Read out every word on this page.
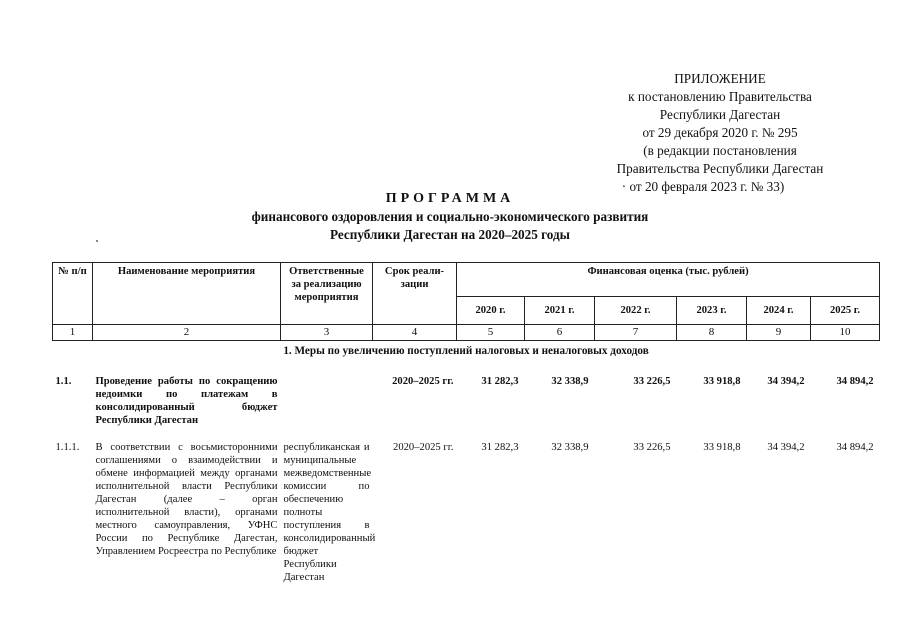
ПРИЛОЖЕНИЕ
к постановлению Правительства
Республики Дагестан
от 29 декабря 2020 г. № 295
(в редакции постановления
Правительства Республики Дагестан
· от 20 февраля 2023 г. № 33)
ПРОГРАММА
финансового оздоровления и социально-экономического развития
Республики Дагестан на 2020–2025 годы
№ п/п	Наименование мероприятия	Ответственные за реализацию мероприятия	Срок реали-зации	Финансовая оценка (тыс. рублей)					
				2020 г.	2021 г.	2022 г.	2023 г.	2024 г.	2025 г.
1	2	3	4	5	6	7	8	9	10
1. Меры по увеличению поступлений налоговых и неналоговых доходов									
1.1.	Проведение работы по сокращению недоимки по платежам в консолидированный бюджет Республики Дагестан		2020–2025 гг.	31 282,3	32 338,9	33 226,5	33 918,8	34 394,2	34 894,2
1.1.1.	В соответствии с восьмисторонними соглашениями о взаимодействии и обмене информацией между органами исполнительной власти Республики Дагестан (далее – орган исполнительной власти), органами местного самоуправления, УФНС России по Республике Дагестан, Управлением Росреестра по Республике	республиканская и муниципальные межведомственные комиссии по обеспечению полноты поступления в консолидированный бюджет Республики Дагестан	2020–2025 гг.	31 282,3	32 338,9	33 226,5	33 918,8	34 394,2	34 894,2
